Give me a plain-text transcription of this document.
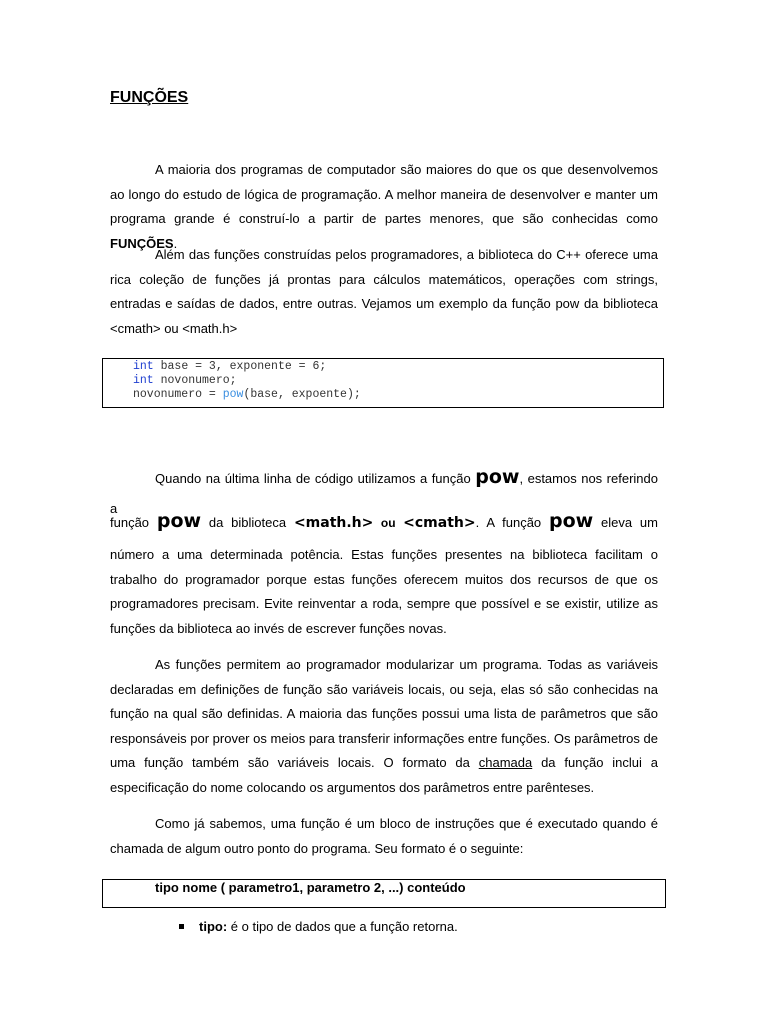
FUNÇÕES
A maioria dos programas de computador são maiores do que os que desenvolvemos ao longo do estudo de lógica de programação. A melhor maneira de desenvolver e manter um programa grande é construí-lo a partir de partes menores, que são conhecidas como FUNÇÕES.
Além das funções construídas pelos programadores, a biblioteca do C++ oferece uma rica coleção de funções já prontas para cálculos matemáticos, operações com strings, entradas e saídas de dados, entre outras. Vejamos um exemplo da função pow da biblioteca <cmath> ou <math.h>
int base = 3, exponente = 6;
int novonumero;
novonumero = pow(base, expoente);
Quando na última linha de código utilizamos a função pow, estamos nos referindo a
função pow da biblioteca <math.h> ou <cmath>. A função pow eleva um
número a uma determinada potência. Estas funções presentes na biblioteca facilitam o trabalho do programador porque estas funções oferecem muitos dos recursos de que os programadores precisam. Evite reinventar a roda, sempre que possível e se existir, utilize as funções da biblioteca ao invés de escrever funções novas.
As funções permitem ao programador modularizar um programa. Todas as variáveis declaradas em definições de função são variáveis locais, ou seja, elas só são conhecidas na função na qual são definidas. A maioria das funções possui uma lista de parâmetros que são responsáveis por prover os meios para transferir informações entre funções. Os parâmetros de uma função também são variáveis locais. O formato da chamada da função inclui a especificação do nome colocando os argumentos dos parâmetros entre parênteses.
Como já sabemos, uma função é um bloco de instruções que é executado quando é chamada de algum outro ponto do programa. Seu formato é o seguinte:
tipo nome ( parametro1, parametro 2, ...) conteúdo
tipo: é o tipo de dados que a função retorna.
